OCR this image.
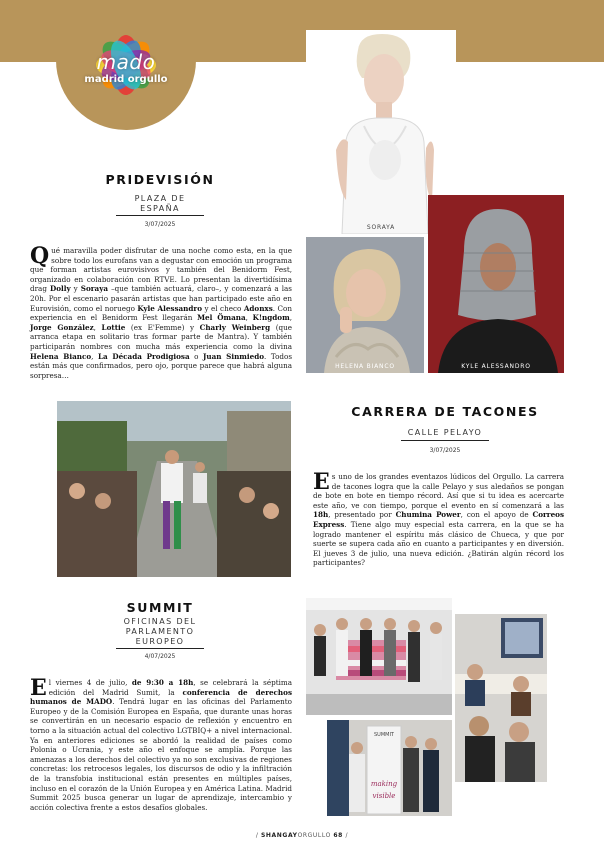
mado
madrid orgullo
PRIDEVISIÓN
PLAZA DE
ESPAÑA
3/07/2025
Q ué maravilla poder disfrutar de una noche como esta, en la que sobre todo los eurofans van a degustar con emoción un programa que forman artistas eurovisivos y también del Benidorm Fest, organizado en colaboración con RTVE. Lo presentan la divertidísima drag Dolly y Soraya –que también actuará, claro–, y comenzará a las 20h. Por el escenario pasarán artistas que han participado este año en Eurovisión, como el noruego Kyle Alessandro y el checo Adonxs. Con experiencia en el Benidorm Fest llegarán Mel Ömana, K!ngdom, Jorge González, Lottie (ex E'Femme) y Charly Weinberg (que arranca etapa en solitario tras formar parte de Mantra). Y también participarán nombres con mucha más experiencia como la divina Helena Bianco, La Década Prodigiosa o Juan Sinmiedo. Todos están más que confirmados, pero ojo, porque parece que habrá alguna sorpresa…
SORAYA
HELENA BIANCO	KYLE ALESSANDRO
CARRERA DE TACONES
CALLE PELAYO
3/07/2025
E s uno de los grandes eventazos lúdicos del Orgullo. La carrera de tacones logra que la calle Pelayo y sus aledaños se pongan de bote en bote en tiempo récord. Así que si tu idea es acercarte este año, ve con tiempo, porque el evento en sí comenzará a las 18h, presentado por Chumina Power, con el apoyo de Correos Express. Tiene algo muy especial esta carrera, en la que se ha logrado mantener el espíritu más clásico de Chueca, y que por suerte se supera cada año en cuanto a participantes y en diversión. El jueves 3 de julio, una nueva edición. ¿Batirán algún récord los participantes?
SUMMIT
OFICINAS DEL
PARLAMENTO
EUROPEO
4/07/2025
E l viernes 4 de julio, de 9:30 a 18h, se celebrará la séptima edición del Madrid Sumit, la conferencia de derechos humanos de MADO. Tendrá lugar en las oficinas del Parlamento Europeo y de la Comisión Europea en España, que durante unas horas se convertirán en un necesario espacio de reflexión y encuentro en torno a la situación actual del colectivo LGTBIQ+ a nivel internacional. Ya en anteriores ediciones se abordó la realidad de países como Polonia o Ucrania, y este año el enfoque se amplía. Porque las amenazas a los derechos del colectivo ya no son exclusivas de regiones concretas: los retrocesos legales, los discursos de odio y la infiltración de la transfobia institucional están presentes en múltiples países, incluso en el corazón de la Unión Europea y en América Latina. Madrid Summit 2025 busca generar un lugar de aprendizaje, intercambio y acción colectiva frente a estos desafíos globales.
SUMMIT
making
visible
/ SHANGAYORGULLO 68 /
